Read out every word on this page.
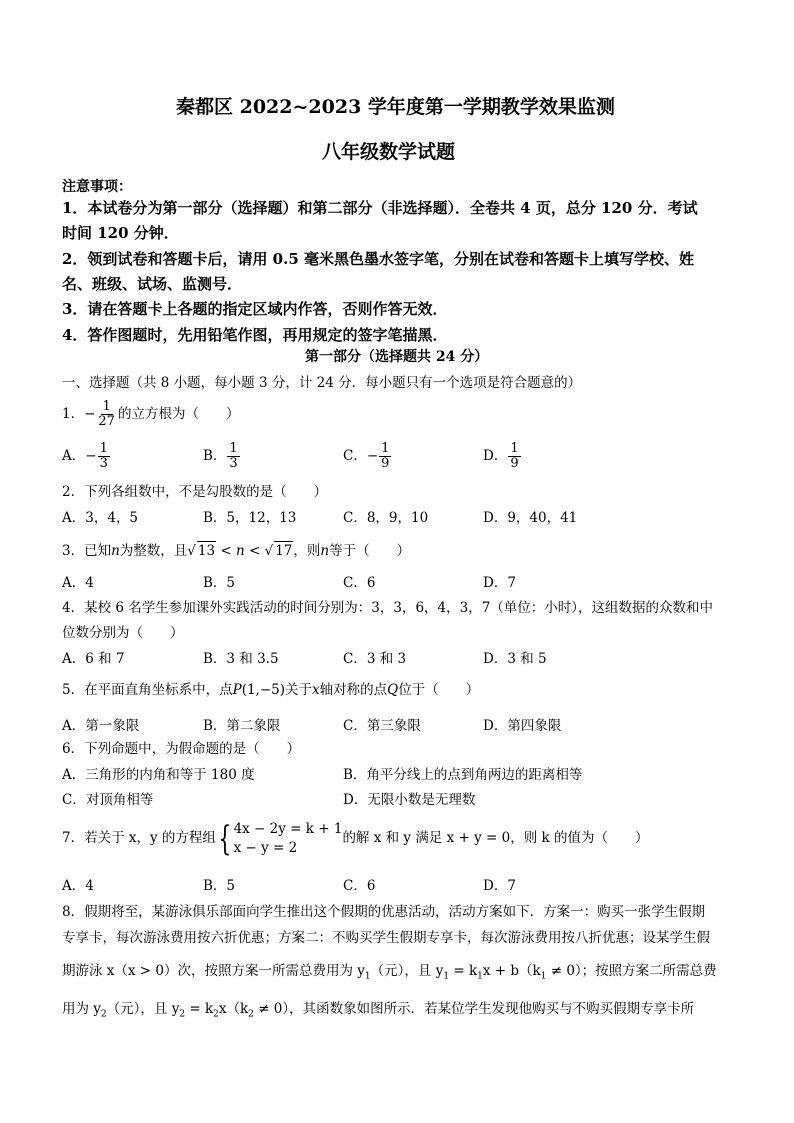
秦都区 2022~2023 学年度第一学期教学效果监测
八年级数学试题
注意事项：
1．本试卷分为第一部分（选择题）和第二部分（非选择题）．全卷共 4 页，总分 120 分．考试
时间 120 分钟．
2．领到试卷和答题卡后，请用 0.5 毫米黑色墨水签字笔，分别在试卷和答题卡上填写学校、姓
名、班级、试场、监测号．
3．请在答题卡上各题的指定区域内作答，否则作答无效．
4．答作图题时，先用铅笔作图，再用规定的签字笔描黑．
第一部分（选择题共 24 分）
一、选择题（共 8 小题，每小题 3 分，计 24 分．每小题只有一个选项是符合题意的）
1．− $\frac{1}{27}$ 的立方根为（　　）
A．− $\frac{1}{3}$	B． $\frac{1}{3}$	C．− $\frac{1}{9}$	D． $\frac{1}{9}$
2．下列各组数中，不是勾股数的是（　　）
A．3，4，5	B．5，12，13	C．8，9，10	D．9，40，41
3．已知n为整数，且√ 13 < n < √ 17，则n等于（　　）
A．4	B．5	C．6	D．7
4．某校 6 名学生参加课外实践活动的时间分别为：3，3，6，4，3，7（单位：小时），这组数据的众数和中
位数分别为（　　）
A．6 和 7	B．3 和 3.5	C．3 和 3	D．3 和 5
5．在平面直角坐标系中，点P(1,−5)关于x轴对称的点Q位于（　　）
A．第一象限	B．第二象限	C．第三象限	D．第四象限
6．下列命题中，为假命题的是（　　）
A．三角形的内角和等于 180 度	B．角平分线上的点到角两边的距离相等
C．对顶角相等	D．无限小数是无理数
7．若关于 x，y 的方程组{ 4x − 2y = k + 1
x − y = 2
的解 x 和 y 满足 x + y = 0，则 k 的值为（　　）
A．4	B．5	C．6	D．7
8．假期将至，某游泳俱乐部面向学生推出这个假期的优惠活动，活动方案如下．方案一：购买一张学生假期
专享卡，每次游泳费用按六折优惠；方案二：不购买学生假期专享卡，每次游泳费用按八折优惠；设某学生假
期游泳 x（x > 0）次，按照方案一所需总费用为 $y_1$（元），且 $y_1 = k_1x + b(k_1 \ne 0)$；按照方案二所需总费
用为 $y_2$（元），且 $y_2 = k_2x(k_2 \ne 0)$，其函数象如图所示．若某位学生发现他购买与不购买假期专享卡所
